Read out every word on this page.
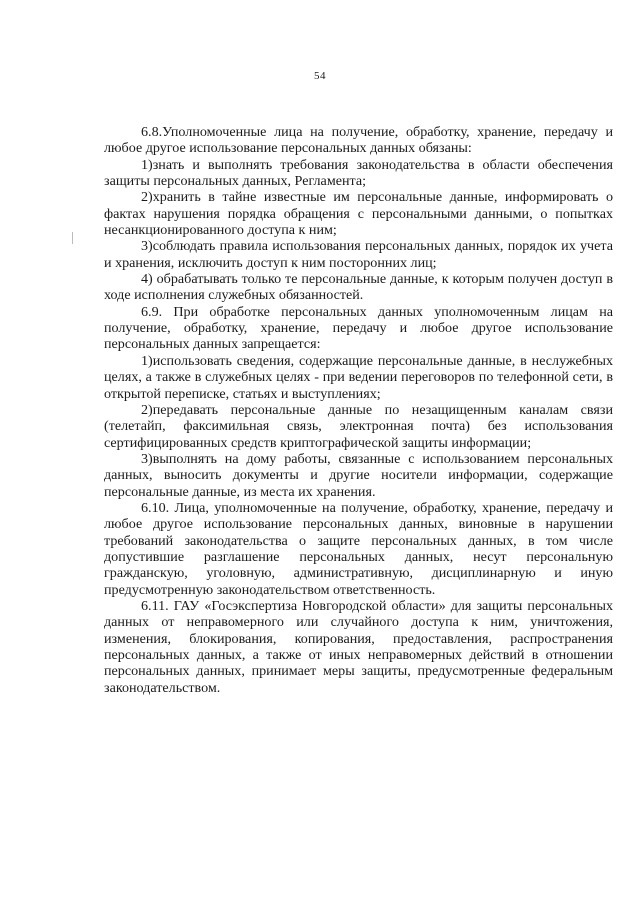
54

6.8.Уполномоченные лица на получение, обработку, хранение, передачу и любое другое использование персональных данных обязаны:

1)знать и выполнять требования законодательства в области обеспечения защиты персональных данных, Регламента;

2)хранить в тайне известные им персональные данные, информировать о фактах нарушения порядка обращения с персональными данными, о попытках несанкционированного доступа к ним;

3)соблюдать правила использования персональных данных, порядок их учета и хранения, исключить доступ к ним посторонних лиц;

4) обрабатывать только те персональные данные, к которым получен доступ в ходе исполнения служебных обязанностей.

6.9. При обработке персональных данных уполномоченным лицам на получение, обработку, хранение, передачу и любое другое использование персональных данных запрещается:

1)использовать сведения, содержащие персональные данные, в неслужебных целях, а также в служебных целях - при ведении переговоров по телефонной сети, в открытой переписке, статьях и выступлениях;

2)передавать персональные данные по незащищенным каналам связи (телетайп, факсимильная связь, электронная почта) без использования сертифицированных средств криптографической защиты информации;

3)выполнять на дому работы, связанные с использованием персональных данных, выносить документы и другие носители информации, содержащие персональные данные, из места их хранения.

6.10. Лица, уполномоченные на получение, обработку, хранение, передачу и любое другое использование персональных данных, виновные в нарушении требований законодательства о защите персональных данных, в том числе допустившие разглашение персональных данных, несут персональную гражданскую, уголовную, административную, дисциплинарную и иную предусмотренную законодательством ответственность.

6.11. ГАУ «Госэкспертиза Новгородской области» для защиты персональных данных от неправомерного или случайного доступа к ним, уничтожения, изменения, блокирования, копирования, предоставления, распространения персональных данных, а также от иных неправомерных действий в отношении персональных данных, принимает меры защиты, предусмотренные федеральным законодательством.
